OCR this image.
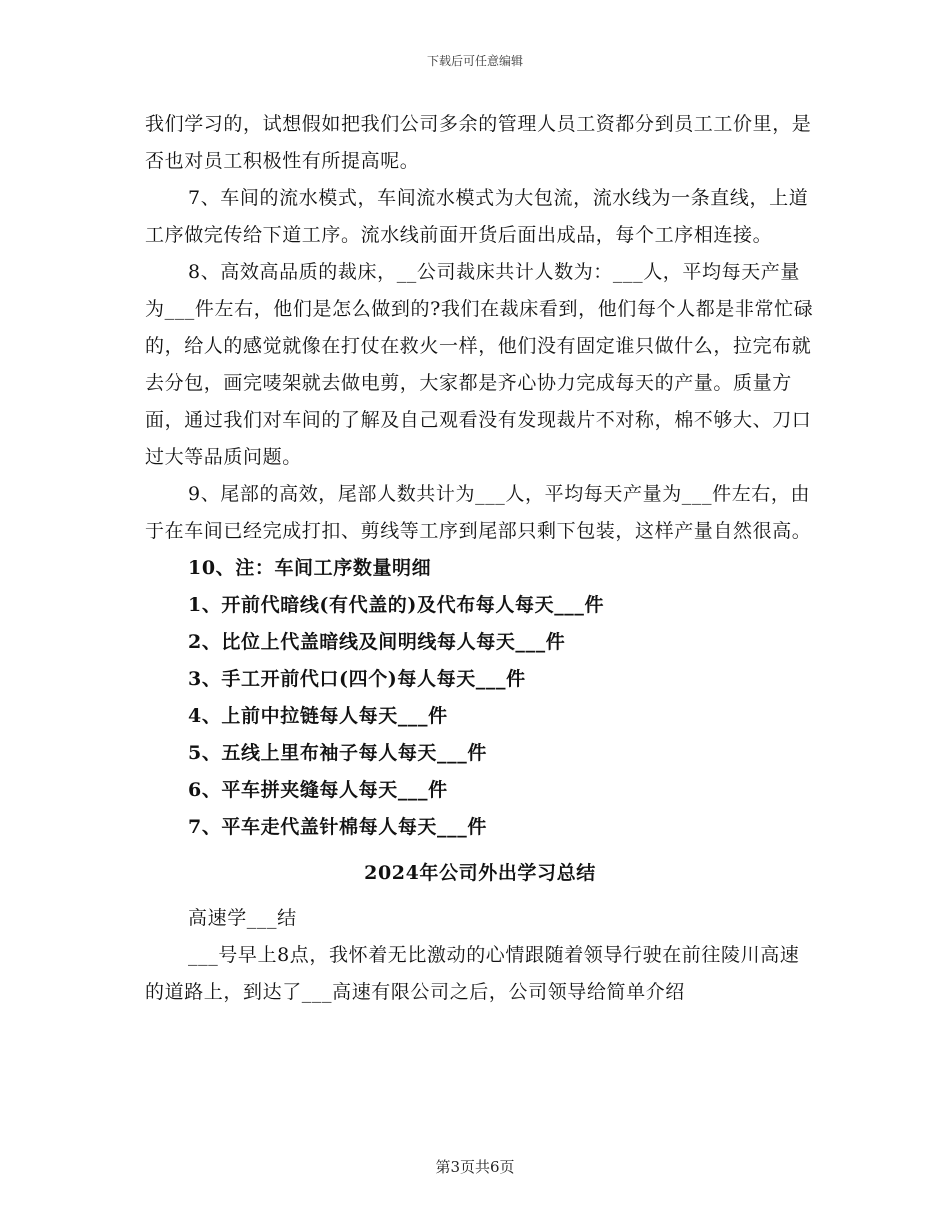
下载后可任意编辑

我们学习的，试想假如把我们公司多余的管理人员工资都分到员工工价里，是否也对员工积极性有所提高呢。

7、车间的流水模式，车间流水模式为大包流，流水线为一条直线，上道工序做完传给下道工序。流水线前面开货后面出成品，每个工序相连接。

8、高效高品质的裁床，__公司裁床共计人数为：___人，平均每天产量为___件左右，他们是怎么做到的?我们在裁床看到，他们每个人都是非常忙碌的，给人的感觉就像在打仗在救火一样，他们没有固定谁只做什么，拉完布就去分包，画完唛架就去做电剪，大家都是齐心协力完成每天的产量。质量方面，通过我们对车间的了解及自己观看没有发现裁片不对称，棉不够大、刀口过大等品质问题。

9、尾部的高效，尾部人数共计为___人，平均每天产量为___件左右，由于在车间已经完成打扣、剪线等工序到尾部只剩下包装，这样产量自然很高。

10、注：车间工序数量明细

1、开前代暗线(有代盖的)及代布每人每天___件

2、比位上代盖暗线及间明线每人每天___件

3、手工开前代口(四个)每人每天___件

4、上前中拉链每人每天___件

5、五线上里布袖子每人每天___件

6、平车拼夹缝每人每天___件

7、平车走代盖针棉每人每天___件

2024年公司外出学习总结

高速学___结

___号早上8点，我怀着无比激动的心情跟随着领导行驶在前往陵川高速的道路上，到达了___高速有限公司之后，公司领导给简单介绍

第3页共6页
